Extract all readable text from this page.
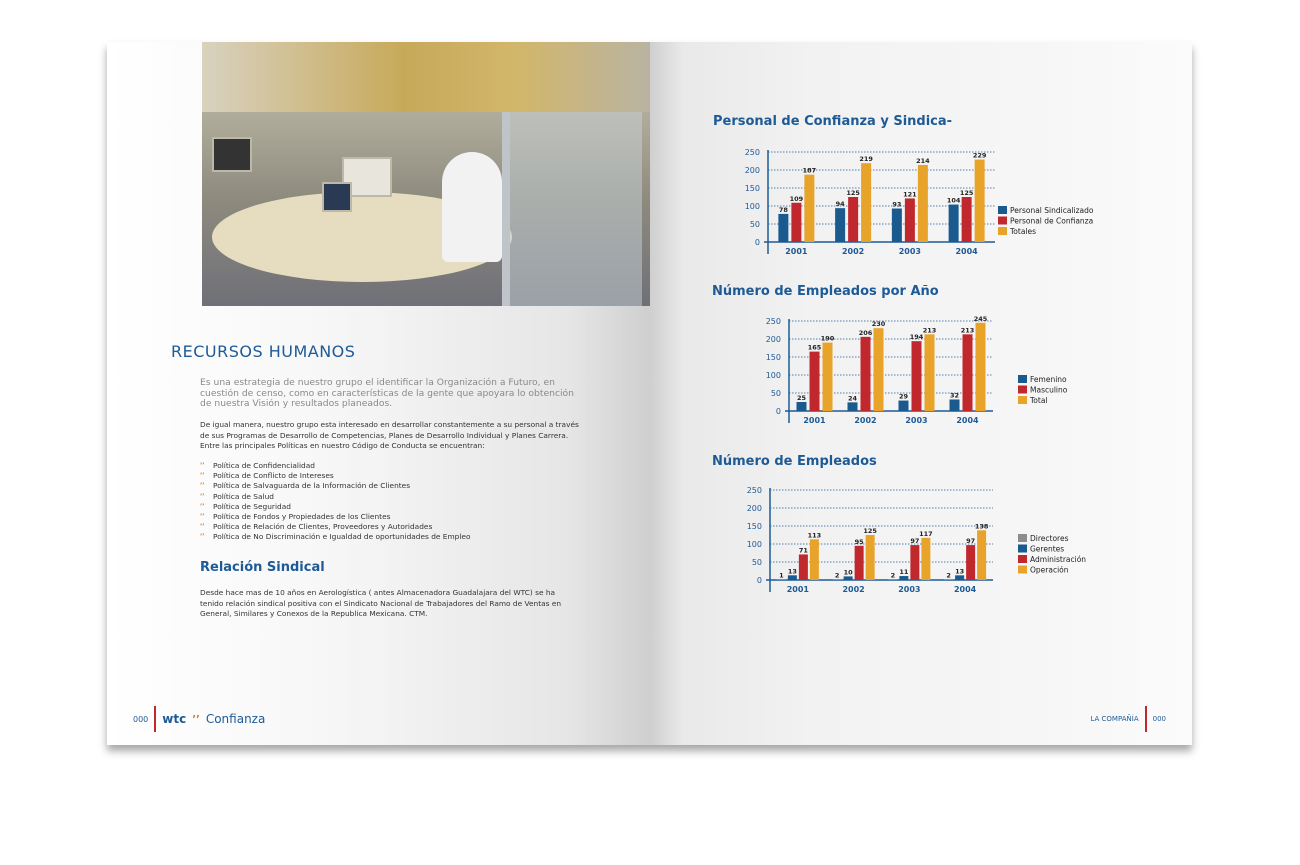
RECURSOS HUMANOS

Es una estrategia de nuestro grupo el identificar la Organización a Futuro, en cuestión de censo, como en características de la gente que apoyara lo obtención de nuestra Visión y resultados planeados.

De igual manera, nuestro grupo esta interesado en desarrollar constantemente a su personal a través de sus Programas de Desarrollo de Competencias, Planes de Desarrollo Individual y Planes Carrera. Entre las principales Políticas en nuestro Código de Conducta se encuentran:

’’	Política de Confidencialidad
’’	Política de Conflicto de Intereses
’’	Política de Salvaguarda de la Información de Clientes
’’	Política de Salud
’’	Política de Seguridad
’’	Política de Fondos y Propiedades de los Clientes
’’	Política de Relación de Clientes, Proveedores y Autoridades
’’	Política de No Discriminación e Igualdad de oportunidades de Empleo
Relación Sindical

Desde hace mas de 10 años en Aerologística ( antes Almacenadora Guadalajara del WTC) se ha tenido relación sindical positiva con el Sindicato Nacional de Trabajadores del Ramo de Ventas en General, Similares y Conexos de la Republica Mexicana. CTM.

000 wtc ’’ Confianza	LA COMPAÑÍA 000
Personal de Confianza y Sindica-
Número de Empleados por Año
Número de Empleados
0
50
100
150
200
250
2001
78
109
187
2002
94
125
219
2003
93
121
214
2004
104
125
229
Personal Sindicalizado
Personal de Confianza
Totales
0
50
100
150
200
250
2001
25
165
190
2002
24
206
230
2003
29
194
213
2004
32
213
245
Femenino
Masculino
Total
0
50
100
150
200
250
2001
1
13
71
113
2002
2 10
95
125
2003
2 11
97
117
2004
2 13
97
138
Directores
Gerentes
Administración
Operación
